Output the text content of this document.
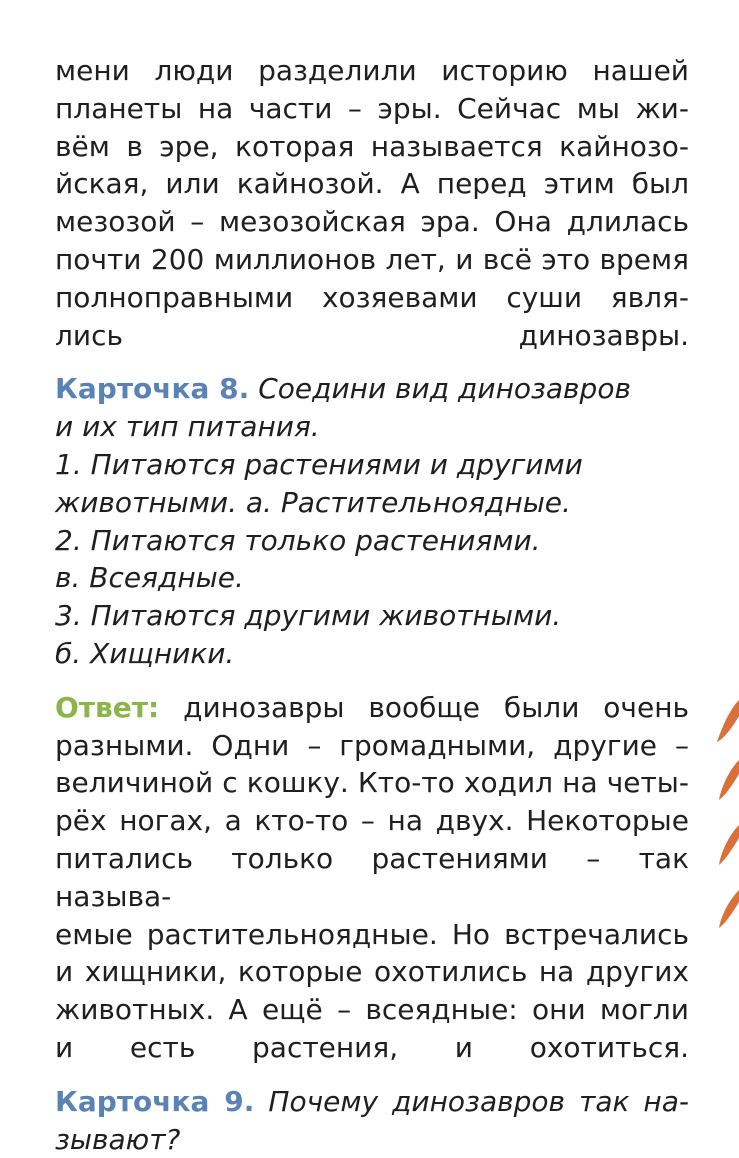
мени люди разделили историю нашей
планеты на части – эры. Сейчас мы жи-
вём в эре, которая называется кайнозо-
йская, или кайнозой. А перед этим был
мезозой – мезозойская эра. Она длилась
почти 200 миллионов лет, и всё это время
полноправными хозяевами суши явля-
лись динозавры.

Карточка 8. Соедини вид динозавров
и их тип питания.
1. Питаются растениями и другими
животными. а. Растительноядные.
2. Питаются только растениями.
в. Всеядные.
3. Питаются другими животными.
б. Хищники.

Ответ: динозавры вообще были очень
разными. Одни – громадными, другие –
величиной с кошку. Кто-то ходил на четы-
рёх ногах, а кто-то – на двух. Некоторые
питались только растениями – так называ-
емые растительноядные. Но встречались
и хищники, которые охотились на других
животных. А ещё – всеядные: они могли
и есть растения, и охотиться.

Карточка 9. Почему динозавров так на-
зывают?
